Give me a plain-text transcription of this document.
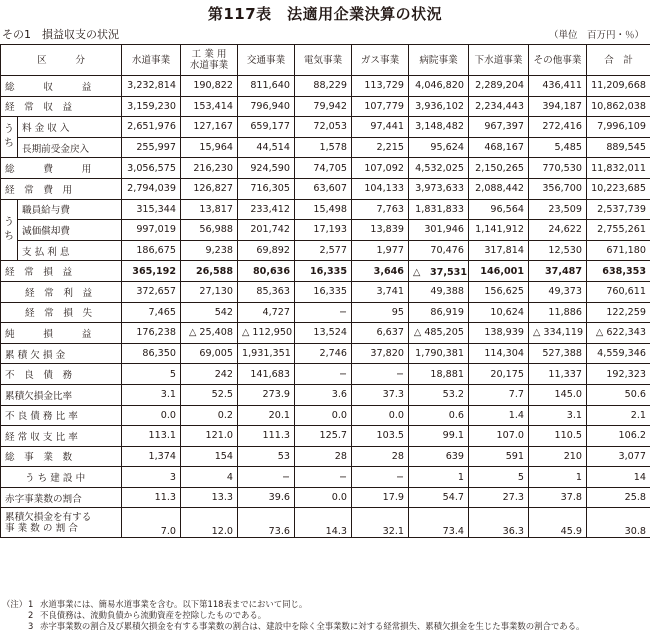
第117表　法適用企業決算の状況
その1　損益収支の状況	（単位　百万円・％）
区　　　分		水道事業	工 業 用
水道事業	交通事業	電気事業	ガス事業	病院事業	下水道事業	その他事業	合　計
総　　　収　　　益		3,232,814	190,822	811,640	88,229	113,729	4,046,820	2,289,204	436,411	11,209,668
経　常　収　益		3,159,230	153,414	796,940	79,942	107,779	3,936,102	2,234,443	394,187	10,862,038
う
ち	料 金 収 入	2,651,976	127,167	659,177	72,053	97,441	3,148,482	967,397	272,416	7,996,109
	長期前受金戻入	255,997	15,964	44,514	1,578	2,215	95,624	468,167	5,485	889,545
総　　　費　　　用		3,056,575	216,230	924,590	74,705	107,092	4,532,025	2,150,265	770,530	11,832,011
経　常　費　用		2,794,039	126,827	716,305	63,607	104,133	3,973,633	2,088,442	356,700	10,223,685
う
ち	職員給与費	315,344	13,817	233,412	15,498	7,763	1,831,833	96,564	23,509	2,537,739
	減価償却費	997,019	56,988	201,742	17,193	13,839	301,946	1,141,912	24,622	2,755,261
	支 払 利 息	186,675	9,238	69,892	2,577	1,977	70,476	317,814	12,530	671,180
経　常　損　益		365,192	26,588	80,636	16,335	3,646	△　37,531	146,001	37,487	638,353
経　常　利　益		372,657	27,130	85,363	16,335	3,741	49,388	156,625	49,373	760,611
経　常　損　失		7,465	542	4,727	−	95	86,919	10,624	11,886	122,259
純　　　損　　　益		176,238	△ 25,408	△ 112,950	13,524	6,637	△ 485,205	138,939	△ 334,119	△ 622,343
累 積 欠 損 金		86,350	69,005	1,931,351	2,746	37,820	1,790,381	114,304	527,388	4,559,346
不　良　債　務		5	242	141,683	−	−	18,881	20,175	11,337	192,323
累積欠損金比率		3.1	52.5	273.9	3.6	37.3	53.2	7.7	145.0	50.6
不 良 債 務 比 率		0.0	0.2	20.1	0.0	0.0	0.6	1.4	3.1	2.1
経 常 収 支 比 率		113.1	121.0	111.3	125.7	103.5	99.1	107.0	110.5	106.2
総　事　業　数		1,374	154	53	28	28	639	591	210	3,077
う ち 建 設 中		3	4	−	−	−	1	5	1	14
赤字事業数の割合		11.3	13.3	39.6	0.0	17.9	54.7	27.3	37.8	25.8
累積欠損金を有する
事 業 数 の 割 合		7.0	12.0	73.6	14.3	32.1	73.4	36.3	45.9	30.8
（注）1 水道事業には、簡易水道事業を含む。以下第118表までにおいて同じ。
2 不良債務は、流動負債から流動資産を控除したものである。
3 赤字事業数の割合及び累積欠損金を有する事業数の割合は、建設中を除く全事業数に対する経常損失、累積欠損金を生じた事業数の割合である。
